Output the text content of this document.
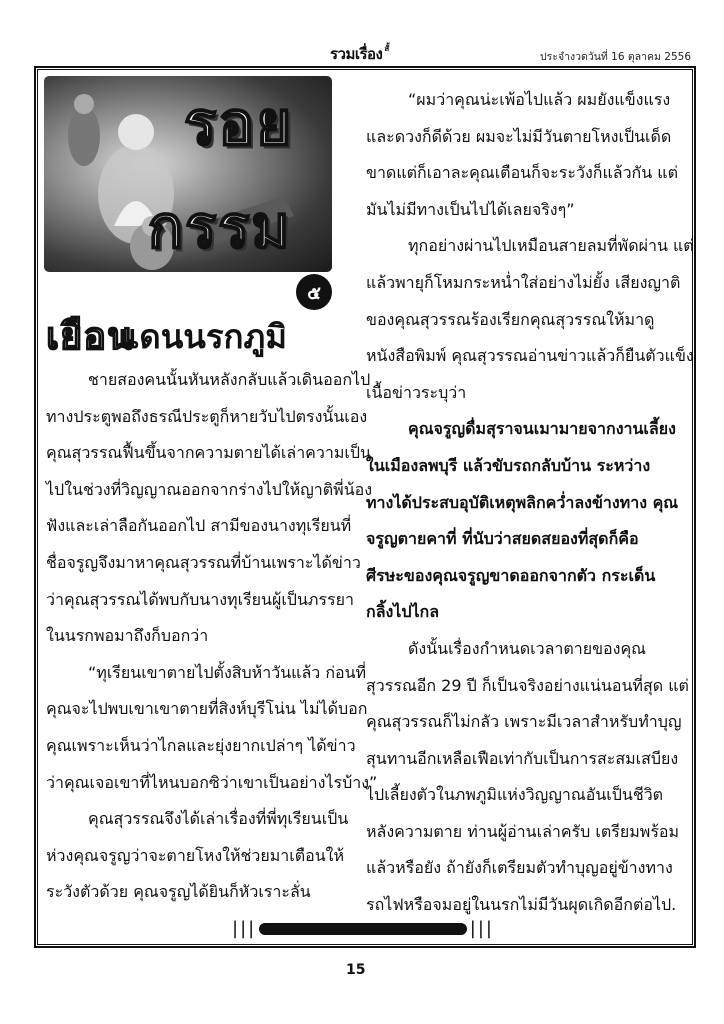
รวมเรื่อง $^{สั้}$
ประจำงวดวันที่ 16 ตุลาคม 2556
รอย
กรรม
๕
เยือน
แดนนรกภูมิ

ชายสองคนนั้นหันหลังกลับแล้วเดินออกไป

ทางประตูพอถึงธรณีประตูก็หายวับไปตรงนั้นเอง

คุณสุวรรณฟื้นขึ้นจากความตายได้เล่าความเป็น

ไปในช่วงที่วิญญาณออกจากร่างไปให้ญาติพี่น้อง

ฟังและเล่าลือกันออกไป สามีของนางทุเรียนที่

ชื่อจรูญจึงมาหาคุณสุวรรณที่บ้านเพราะได้ข่าว

ว่าคุณสุวรรณได้พบกับนางทุเรียนผู้เป็นภรรยา

ในนรกพอมาถึงก็บอกว่า

“ทุเรียนเขาตายไปตั้งสิบห้าวันแล้ว ก่อนที่

คุณจะไปพบเขาเขาตายที่สิงห์บุรีโน่น ไม่ได้บอก

คุณเพราะเห็นว่าไกลและยุ่งยากเปล่าๆ ได้ข่าว

ว่าคุณเจอเขาที่ไหนบอกซิว่าเขาเป็นอย่างไรบ้าง”

คุณสุวรรณจึงได้เล่าเรื่องที่พี่ทุเรียนเป็น

ห่วงคุณจรูญว่าจะตายโหงให้ช่วยมาเตือนให้

ระวังตัวด้วย คุณจรูญได้ยินก็หัวเราะลั่น

“ผมว่าคุณน่ะเพ้อไปแล้ว ผมยังแข็งแรง

และดวงก็ดีด้วย ผมจะไม่มีวันตายโหงเป็นเด็ด

ขาดแต่ก็เอาละคุณเตือนก็จะระวังก็แล้วกัน แต่

มันไม่มีทางเป็นไปได้เลยจริงๆ”

ทุกอย่างผ่านไปเหมือนสายลมที่พัดผ่าน แต่

แล้วพายุก็โหมกระหน่ำใส่อย่างไม่ยั้ง เสียงญาติ

ของคุณสุวรรณร้องเรียกคุณสุวรรณให้มาดู

หนังสือพิมพ์ คุณสุวรรณอ่านข่าวแล้วก็ยืนตัวแข็ง

เนื้อข่าวระบุว่า

คุณจรูญดื่มสุราจนเมามายจากงานเลี้ยง

ในเมืองลพบุรี แล้วขับรถกลับบ้าน ระหว่าง

ทางได้ประสบอุบัติเหตุพลิกคว่ำลงข้างทาง คุณ

จรูญตายคาที่ ที่นับว่าสยดสยองที่สุดก็คือ

ศีรษะของคุณจรูญขาดออกจากตัว กระเด็น

กลิ้งไปไกล

ดังนั้นเรื่องกำหนดเวลาตายของคุณ

สุวรรณอีก 29 ปี ก็เป็นจริงอย่างแน่นอนที่สุด แต่

คุณสุวรรณก็ไม่กลัว เพราะมีเวลาสำหรับทำบุญ

สุนทานอีกเหลือเฟือเท่ากับเป็นการสะสมเสบียง

ไปเลี้ยงตัวในภพภูมิแห่งวิญญาณอันเป็นชีวิต

หลังความตาย ท่านผู้อ่านเล่าครับ เตรียมพร้อม

แล้วหรือยัง ถ้ายังก็เตรียมตัวทำบุญอยู่ข้างทาง

รถไฟหรือจมอยู่ในนรกไม่มีวันผุดเกิดอีกต่อไป.

|||	|||
15
